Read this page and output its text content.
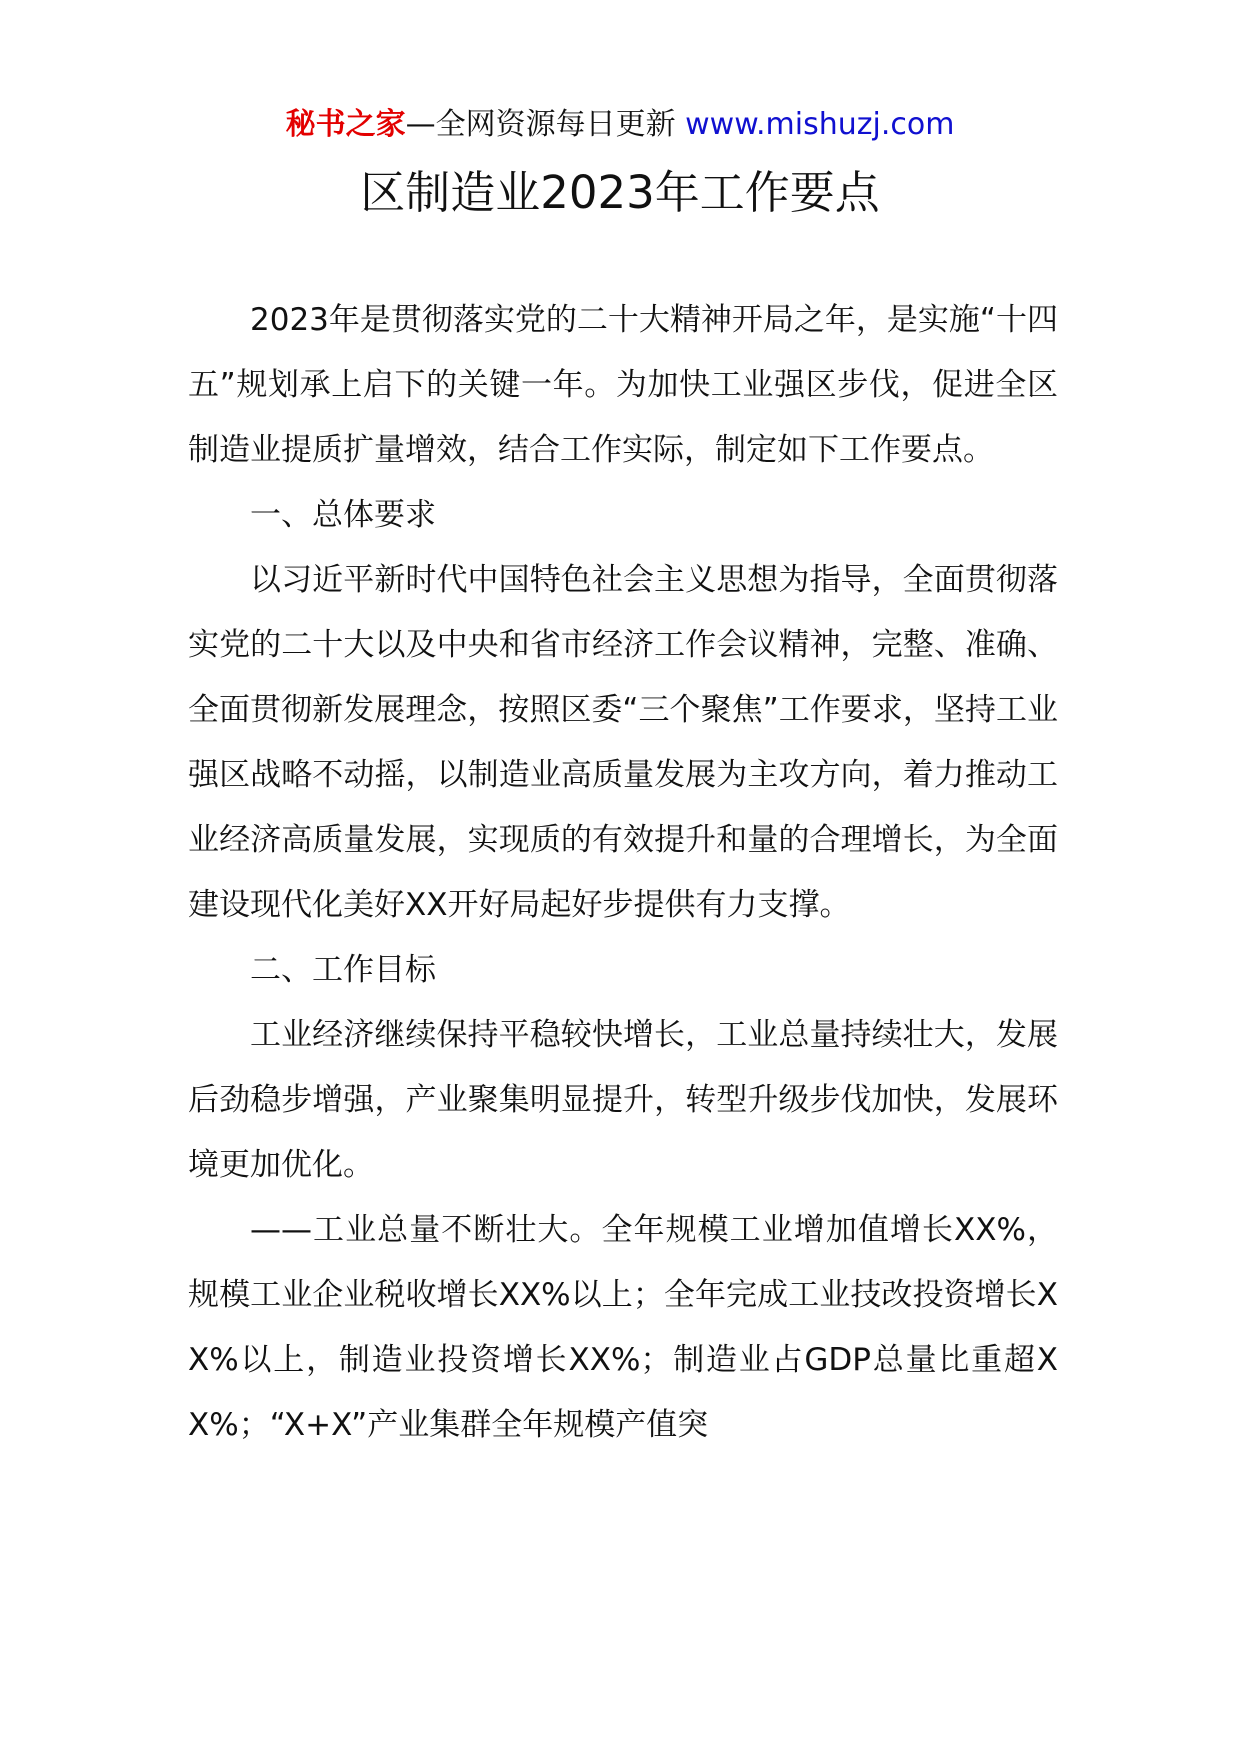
秘书之家—全网资源每日更新 www.mishuzj.com
区制造业2023年工作要点

2023年是贯彻落实党的二十大精神开局之年，是实施“十四五”规划承上启下的关键一年。为加快工业强区步伐，促进全区制造业提质扩量增效，结合工作实际，制定如下工作要点。

一、总体要求

以习近平新时代中国特色社会主义思想为指导，全面贯彻落实党的二十大以及中央和省市经济工作会议精神，完整、准确、全面贯彻新发展理念，按照区委“三个聚焦”工作要求，坚持工业强区战略不动摇，以制造业高质量发展为主攻方向，着力推动工业经济高质量发展，实现质的有效提升和量的合理增长，为全面建设现代化美好XX开好局起好步提供有力支撑。

二、工作目标

工业经济继续保持平稳较快增长，工业总量持续壮大，发展后劲稳步增强，产业聚集明显提升，转型升级步伐加快，发展环境更加优化。

——工业总量不断壮大。全年规模工业增加值增长XX%，规模工业企业税收增长XX%以上；全年完成工业技改投资增长XX%以上，制造业投资增长XX%；制造业占GDP总量比重超XX%；“X+X”产业集群全年规模产值突
